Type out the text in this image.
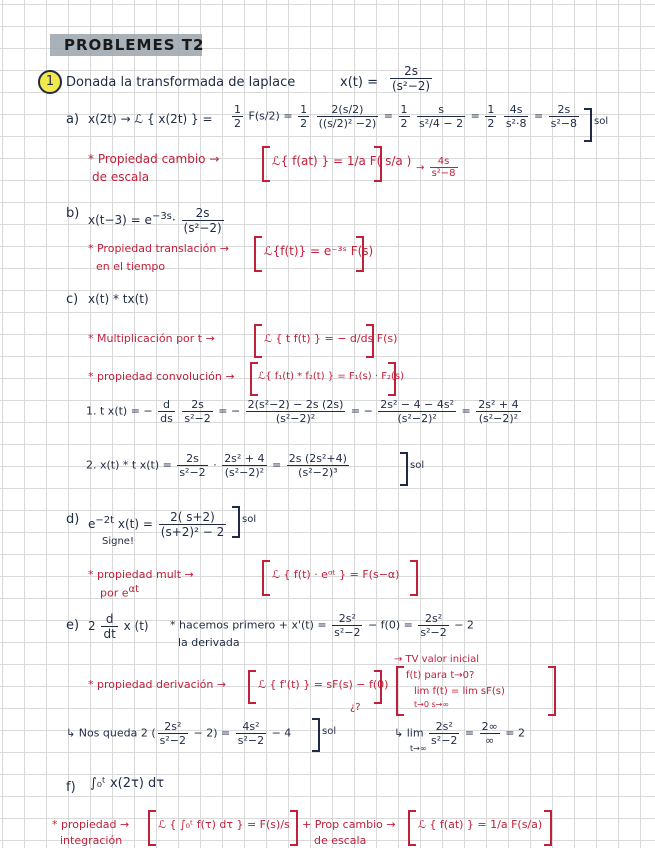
PROBLEMES T2
1 Donada la transformada de laplace	$x(t) = \frac{2s}{\text{(s²−2)}}$
a) x(2t) → ℒ { x(2t) } = $\frac{1}{2} F(s/2) = \frac{1}{2}$
$\frac{2(s/2)}{\text{((s/2)² −2)}} = \frac{1}{2}$
$\frac{s}{\text{s²/4 − 2}} = \frac{1}{2}$
$\frac{4s}{\text{s²·8}} = \frac{2s}{\text{s²−8}}$ sol
* Propiedad cambio →
de escala
ℒ{ f(at) } = 1/a F( s/a ) → $\frac{4s}{\text{s²−8}}$
b) $x(t-3) = e^{-3s}\cdot \frac{2s}{\text{(s²−2)}}$
* Propiedad translación →
en el tiempo
ℒ{f(t)} = e⁻³ˢ F(s)
c) x(t) * tx(t)
* Multiplicación por t →	ℒ { t f(t) } = − d/ds F(s)
* propiedad convolución → ℒ{ f₁(t) * f₂(t) } = F₁(s) · F₂(s)
1. t x(t) = − $\frac{d}{ds}$
$\frac{2s}{\text{s²−2}}$ = − $\frac{\text{2(s²−2) − 2s (2s)}}{\text{(s²−2)²}}$ = − $\frac{\text{2s² − 4 − 4s²}}{\text{(s²−2)²}} = \frac{\text{2s² + 4}}{\text{(s²−2)²}}$
2. x(t) * t $x(t) = \frac{2s}{\text{s²−2}} \cdot \frac{\text{2s² + 4}}{\text{(s²−2)²}} = \frac{\text{2s (2s²+4)}}{\text{(s²−2)³}}$	sol
d) $e^{-2t}$ $x(t) = \frac{2( s+2)}{\text{(s+2)² − 2}}$ sol
Signe!
* propiedad mult →
por $e^{\alpha t}$
ℒ { f(t) · eᵅᵗ } = F(s−α)
e) $2 \frac{d}{dt}$ x (t) * hacemos primero + $x'(t) = \frac{\text{2s²}}{\text{s²−2}} - f(0) = \frac{\text{2s²}}{\text{s²−2}} - 2$
la derivada
→ TV valor inicial
* propiedad derivación →	ℒ { f'(t) } = sF(s) − f(0)
¿?
f(t) para t→0?
lim f(t) = lim sF(s)
t→0 s→∞
↳ Nos queda 2 ( $\frac{\text{2s²}}{\text{s²−2}} - 2) = \frac{\text{4s²}}{\text{s²−2}} - 4$	sol	↳ $\lim \frac{\text{2s²}}{\text{s²−2}} = \frac{2\infty}{\infty} = 2$
t→∞
f) ∫₀ᵗ x(2τ) dτ
* propiedad →
integración
ℒ { ∫₀ᵗ f(τ) dτ } = F(s)/s + Prop cambio →
de escala
ℒ { f(at) } = 1/a F(s/a)
